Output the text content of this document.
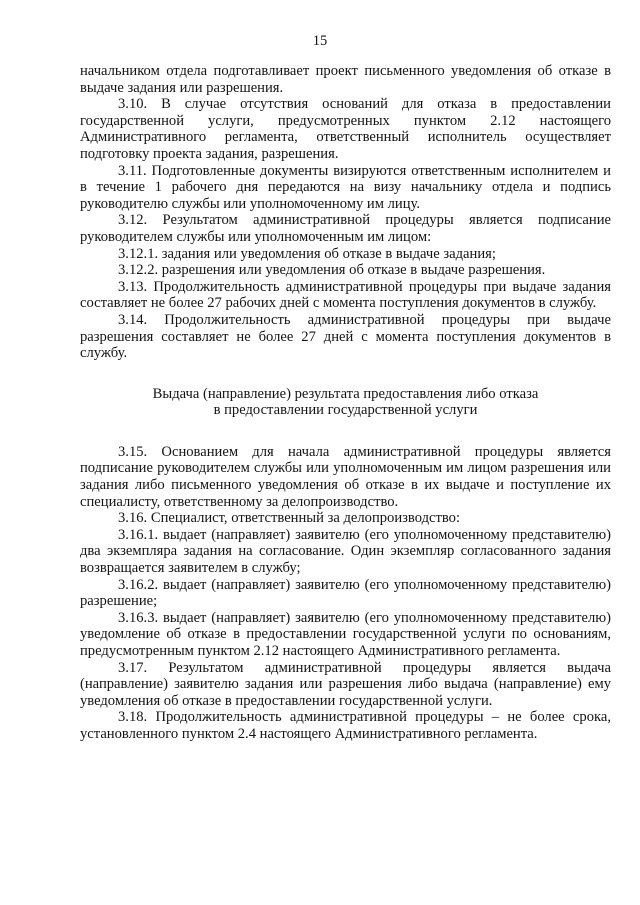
15

начальником отдела подготавливает проект письменного уведомления об отказе в выдаче задания или разрешения.

3.10. В случае отсутствия оснований для отказа в предоставлении государственной услуги, предусмотренных пунктом 2.12 настоящего Административного регламента, ответственный исполнитель осуществляет подготовку проекта задания, разрешения.

3.11. Подготовленные документы визируются ответственным исполнителем и в течение 1 рабочего дня передаются на визу начальнику отдела и подпись руководителю службы или уполномоченному им лицу.

3.12. Результатом административной процедуры является подписание руководителем службы или уполномоченным им лицом:

3.12.1. задания или уведомления об отказе в выдаче задания;

3.12.2. разрешения или уведомления об отказе в выдаче разрешения.

3.13. Продолжительность административной процедуры при выдаче задания составляет не более 27 рабочих дней с момента поступления документов в службу.

3.14. Продолжительность административной процедуры при выдаче разрешения составляет не более 27 дней с момента поступления документов в службу.

Выдача (направление) результата предоставления либо отказа
в предоставлении государственной услуги

3.15. Основанием для начала административной процедуры является подписание руководителем службы или уполномоченным им лицом разрешения или задания либо письменного уведомления об отказе в их выдаче и поступление их специалисту, ответственному за делопроизводство.

3.16. Специалист, ответственный за делопроизводство:

3.16.1. выдает (направляет) заявителю (его уполномоченному представителю) два экземпляра задания на согласование. Один экземпляр согласованного задания возвращается заявителем в службу;

3.16.2. выдает (направляет) заявителю (его уполномоченному представителю) разрешение;

3.16.3. выдает (направляет) заявителю (его уполномоченному представителю) уведомление об отказе в предоставлении государственной услуги по основаниям, предусмотренным пунктом 2.12 настоящего Административного регламента.

3.17. Результатом административной процедуры является выдача (направление) заявителю задания или разрешения либо выдача (направление) ему уведомления об отказе в предоставлении государственной услуги.

3.18. Продолжительность административной процедуры – не более срока, установленного пунктом 2.4 настоящего Административного регламента.
